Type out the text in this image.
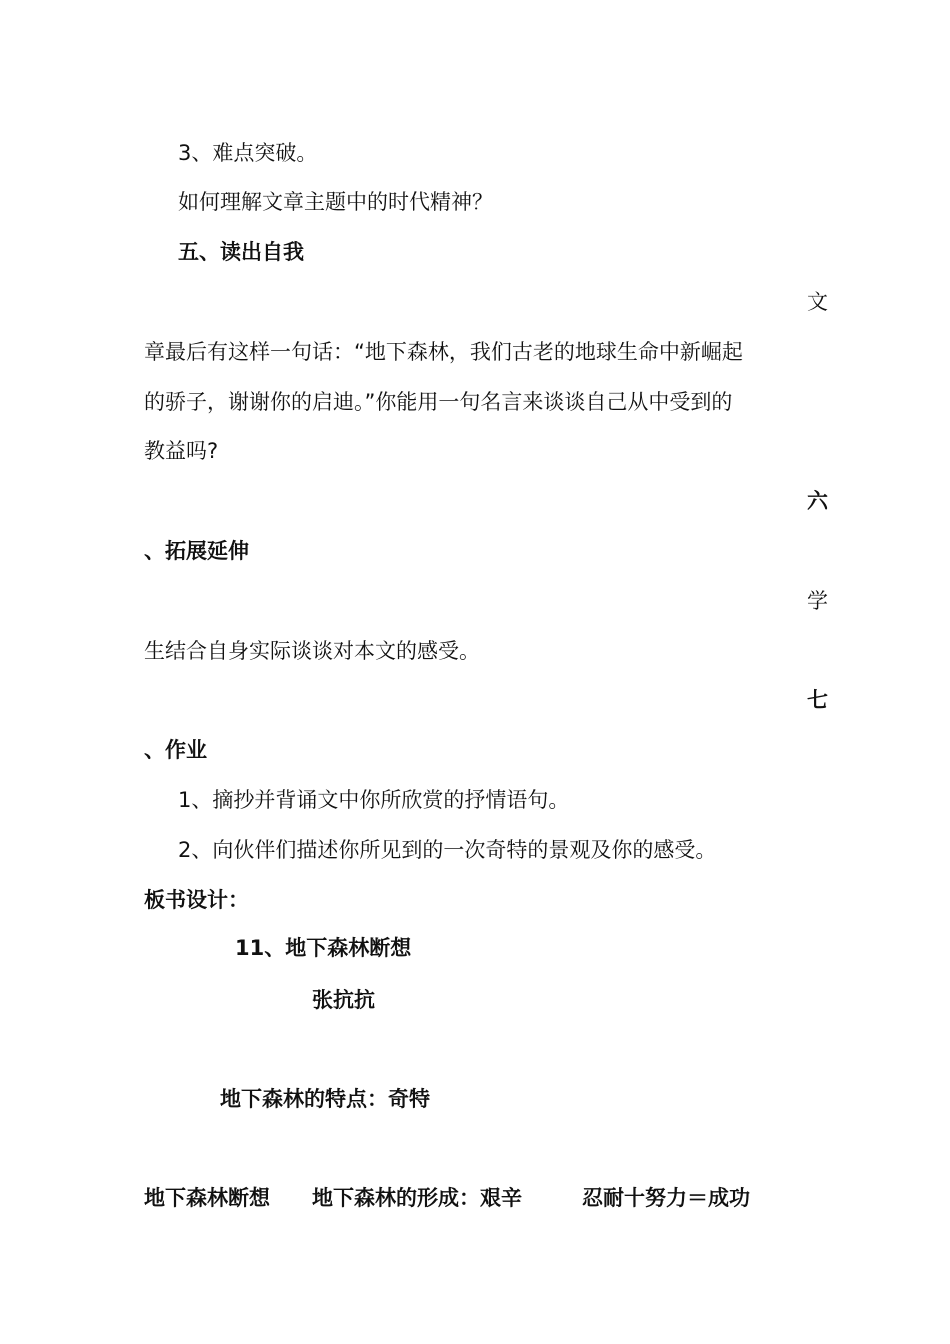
3、难点突破。
如何理解文章主题中的时代精神？
五、读出自我
文
章最后有这样一句话：“地下森林，我们古老的地球生命中新崛起
的骄子，谢谢你的启迪。”你能用一句名言来谈谈自己从中受到的
教益吗?
六
、拓展延伸
学
生结合自身实际谈谈对本文的感受。
七
、作业
1、摘抄并背诵文中你所欣赏的抒情语句。
2、向伙伴们描述你所见到的一次奇特的景观及你的感受。
板书设计：
11、地下森林断想
张抗抗
地下森林的特点：奇特
地下森林断想 地下森林的形成：艰辛	忍耐十努力＝成功
